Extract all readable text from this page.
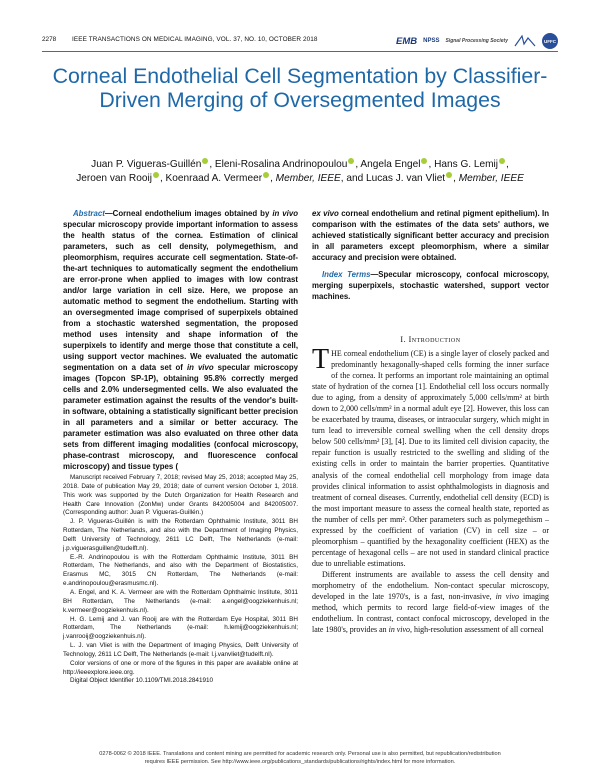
2278 IEEE TRANSACTIONS ON MEDICAL IMAGING, VOL. 37, NO. 10, OCTOBER 2018	EMB NPSS Signal Processing Society	UFFC
Corneal Endothelial Cell Segmentation by Classifier-Driven Merging of Oversegmented Images
Juan P. Vigueras-Guillén , Eleni-Rosalina Andrinopoulou , Angela Engel , Hans G. Lemij ,
Jeroen van Rooij , Koenraad A. Vermeer , Member, IEEE, and Lucas J. van Vliet , Member, IEEE

Abstract—Corneal endothelium images obtained by in vivo specular microscopy provide important information to assess the health status of the cornea. Estimation of clinical parameters, such as cell density, polymegethism, and pleomorphism, requires accurate cell segmentation. State-of-the-art techniques to automatically segment the endothelium are error-prone when applied to images with low contrast and/or large variation in cell size. Here, we propose an automatic method to segment the endothelium. Starting with an oversegmented image comprised of superpixels obtained from a stochastic watershed segmentation, the proposed method uses intensity and shape information of the superpixels to identify and merge those that constitute a cell, using support vector machines. We evaluated the automatic segmentation on a data set of in vivo specular microscopy images (Topcon SP-1P), obtaining 95.8% correctly merged cells and 2.0% undersegmented cells. We also evaluated the parameter estimation against the results of the vendor's built-in software, obtaining a statistically significant better precision in all parameters and a similar or better accuracy. The parameter estimation was also evaluated on three other data sets from different imaging modalities (confocal microscopy, phase-contrast microscopy, and fluorescence confocal microscopy) and tissue types (

Manuscript received February 7, 2018; revised May 25, 2018; accepted May 25, 2018. Date of publication May 29, 2018; date of current version October 1, 2018. This work was supported by the Dutch Organization for Health Research and Health Care Innovation (ZonMw) under Grants 842005004 and 842005007. (Corresponding author: Juan P. Vigueras-Guillén.)

J. P. Vigueras-Guillén is with the Rotterdam Ophthalmic Institute, 3011 BH Rotterdam, The Netherlands, and also with the Department of Imaging Physics, Delft University of Technology, 2611 LC Delft, The Netherlands (e-mail: j.p.viguerasguillen@tudelft.nl).

E.-R. Andrinopoulou is with the Rotterdam Ophthalmic Institute, 3011 BH Rotterdam, The Netherlands, and also with the Department of Biostatistics, Erasmus MC, 3015 CN Rotterdam, The Netherlands (e-mail: e.andrinopoulou@erasmusmc.nl).

A. Engel, and K. A. Vermeer are with the Rotterdam Ophthalmic Institute, 3011 BH Rotterdam, The Netherlands (e-mail: a.engel@oogziekenhuis.nl; k.vermeer@oogziekenhuis.nl).

H. G. Lemij and J. van Rooij are with the Rotterdam Eye Hospital, 3011 BH Rotterdam, The Netherlands (e-mail: h.lemij@oogziekenhuis.nl; j.vanrooij@oogziekenhuis.nl).

L. J. van Vliet is with the Department of Imaging Physics, Delft University of Technology, 2611 LC Delft, The Netherlands (e-mail: l.j.vanvliet@tudelft.nl).

Color versions of one or more of the figures in this paper are available online at http://ieeexplore.ieee.org.

Digital Object Identifier 10.1109/TMI.2018.2841910

ex vivo corneal endothelium and retinal pigment epithelium). In comparison with the estimates of the data sets' authors, we achieved statistically significant better accuracy and precision in all parameters except pleomorphism, where a similar accuracy and precision were obtained.

Index Terms—Specular microscopy, confocal microscopy, merging superpixels, stochastic watershed, support vector machines.

I. Introduction

THE corneal endothelium (CE) is a single layer of closely packed and predominantly hexagonally-shaped cells forming the inner surface of the cornea. It performs an important role maintaining an optimal state of hydration of the cornea [1]. Endothelial cell loss occurs normally due to aging, from a density of approximately 5,000 cells/mm² at birth down to 2,000 cells/mm² in a normal adult eye [2]. However, this loss can be exacerbated by trauma, diseases, or intraocular surgery, which might in turn lead to irreversible corneal swelling when the cell density drops below 500 cells/mm² [3], [4]. Due to its limited cell division capacity, the repair function is usually restricted to the swelling and sliding of the existing cells in order to maintain the barrier properties. Quantitative analysis of the corneal endothelial cell morphology from image data provides clinical information to assist ophthalmologists in diagnosis and treatment of corneal diseases. Currently, endothelial cell density (ECD) is the most important measure to assess the corneal health state, reported as the number of cells per mm². Other parameters such as polymegethism – expressed by the coefficient of variation (CV) in cell size – or pleomorphism – quantified by the hexagonality coefficient (HEX) as the percentage of hexagonal cells – are not used in standard clinical practice due to unreliable estimations.

Different instruments are available to assess the cell density and morphometry of the endothelium. Non-contact specular microscopy, developed in the late 1970's, is a fast, non-invasive, in vivo imaging method, which permits to record large field-of-view images of the endothelium. In contrast, contact confocal microscopy, developed in the late 1980's, provides an in vivo, high-resolution assessment of all corneal

0278-0062 © 2018 IEEE. Translations and content mining are permitted for academic research only. Personal use is also permitted, but republication/redistribution
requires IEEE permission. See http://www.ieee.org/publications_standards/publications/rights/index.html for more information.
